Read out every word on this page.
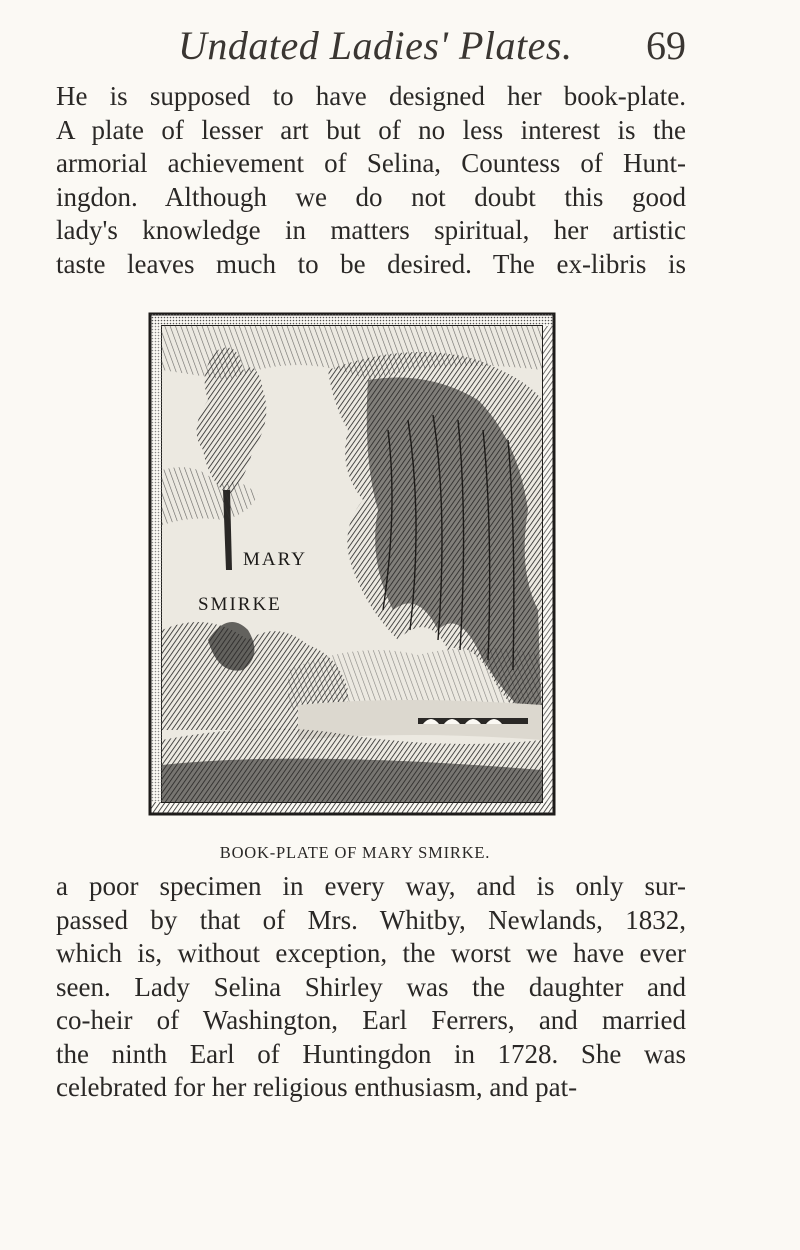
Undated Ladies' Plates. 69
He is supposed to have designed her book-plate.
A plate of lesser art but of no less interest is the
armorial achievement of Selina, Countess of Hunt-
ingdon. Although we do not doubt this good
lady's knowledge in matters spiritual, her artistic
taste leaves much to be desired. The ex-libris is
MARY
SMIRKE
BOOK-PLATE OF MARY SMIRKE.
a poor specimen in every way, and is only sur-
passed by that of Mrs. Whitby, Newlands, 1832,
which is, without exception, the worst we have ever
seen. Lady Selina Shirley was the daughter and
co-heir of Washington, Earl Ferrers, and married
the ninth Earl of Huntingdon in 1728. She was
celebrated for her religious enthusiasm, and pat-
